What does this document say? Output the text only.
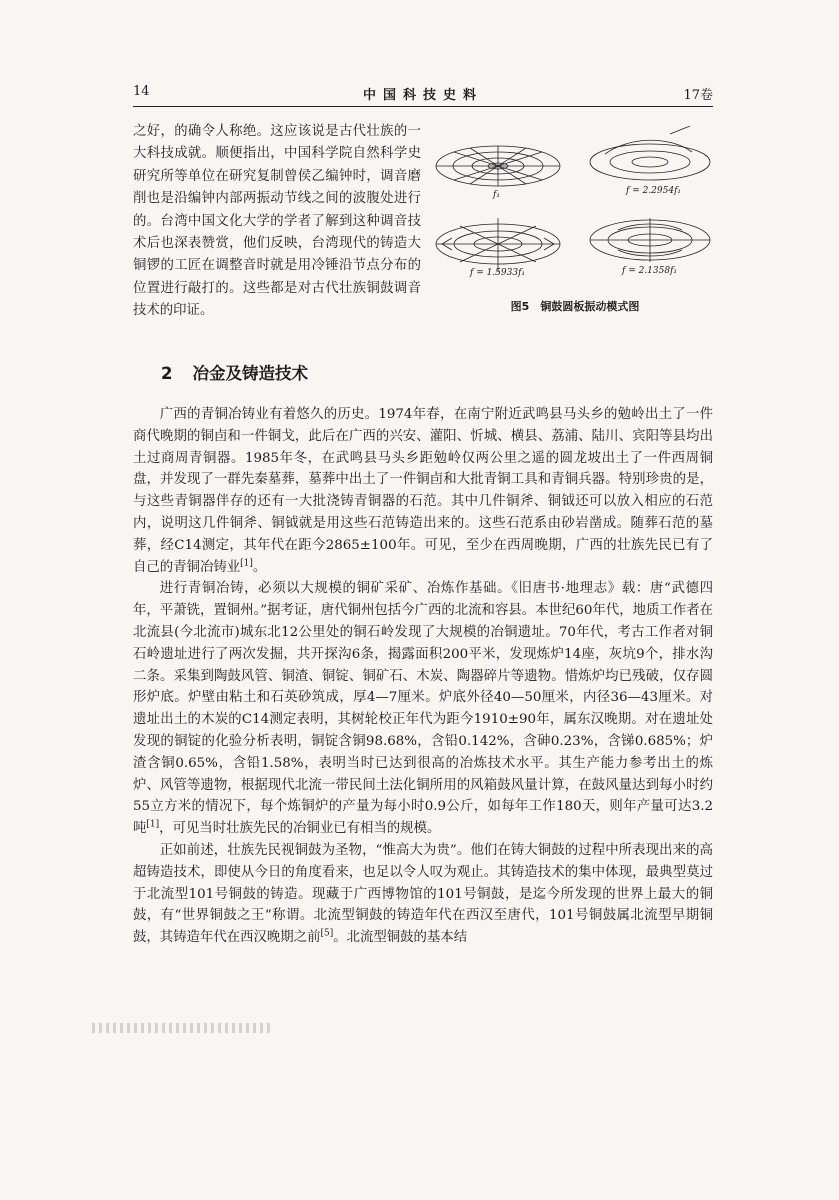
14	中国科技史料	17卷
之好，的确令人称绝。这应该说是古代壮族的一大科技成就。顺便指出，中国科学院自然科学史研究所等单位在研究复制曾侯乙编钟时，调音磨削也是沿编钟内部两振动节线之间的波腹处进行的。台湾中国文化大学的学者了解到这种调音技术后也深表赞赏，他们反映，台湾现代的铸造大铜锣的工匠在调整音时就是用冷锤沿节点分布的位置进行敲打的。这些都是对古代壮族铜鼓调音技术的印证。
f₁	f = 2.2954f₁
f = 1.5933f₁	f = 2.1358f₁
图5　铜鼓圆板振动模式图
2 冶金及铸造技术

广西的青铜冶铸业有着悠久的历史。1974年春，在南宁附近武鸣县马头乡的勉岭出土了一件商代晚期的铜卣和一件铜戈，此后在广西的兴安、灌阳、忻城、横县、荔浦、陆川、宾阳等县均出土过商周青铜器。1985年冬，在武鸣县马头乡距勉岭仅两公里之遥的圆龙坡出土了一件西周铜盘，并发现了一群先秦墓葬，墓葬中出土了一件铜卣和大批青铜工具和青铜兵器。特别珍贵的是，与这些青铜器伴存的还有一大批浇铸青铜器的石范。其中几件铜斧、铜钺还可以放入相应的石范内，说明这几件铜斧、铜钺就是用这些石范铸造出来的。这些石范系由砂岩凿成。随葬石范的墓葬，经C14测定，其年代在距今2865±100年。可见，至少在西周晚期，广西的壮族先民已有了自己的青铜冶铸业[1]。

进行青铜冶铸，必须以大规模的铜矿采矿、冶炼作基础。《旧唐书·地理志》载：唐“武德四年，平萧铣，置铜州。”据考证，唐代铜州包括今广西的北流和容县。本世纪60年代，地质工作者在北流县(今北流市)城东北12公里处的铜石岭发现了大规模的冶铜遗址。70年代，考古工作者对铜石岭遗址进行了两次发掘，共开探沟6条，揭露面积200平米，发现炼炉14座，灰坑9个，排水沟二条。采集到陶鼓风管、铜渣、铜锭、铜矿石、木炭、陶器碎片等遗物。惜炼炉均已残破，仅存圆形炉底。炉壁由粘土和石英砂筑成，厚4—7厘米。炉底外径40—50厘米，内径36—43厘米。对遗址出土的木炭的C14测定表明，其树轮校正年代为距今1910±90年，属东汉晚期。对在遗址处发现的铜锭的化验分析表明，铜锭含铜98.68%，含铅0.142%，含砷0.23%，含锑0.685%；炉渣含铜0.65%，含铅1.58%，表明当时已达到很高的冶炼技术水平。其生产能力参考出土的炼炉、风管等遗物，根据现代北流一带民间土法化铜所用的风箱鼓风量计算，在鼓风量达到每小时约55立方米的情况下，每个炼铜炉的产量为每小时0.9公斤，如每年工作180天，则年产量可达3.2吨[1]，可见当时壮族先民的冶铜业已有相当的规模。

正如前述，壮族先民视铜鼓为圣物，“惟高大为贵”。他们在铸大铜鼓的过程中所表现出来的高超铸造技术，即使从今日的角度看来，也足以令人叹为观止。其铸造技术的集中体现，最典型莫过于北流型101号铜鼓的铸造。现藏于广西博物馆的101号铜鼓，是迄今所发现的世界上最大的铜鼓，有“世界铜鼓之王”称谓。北流型铜鼓的铸造年代在西汉至唐代，101号铜鼓属北流型早期铜鼓，其铸造年代在西汉晚期之前[5]。北流型铜鼓的基本结
